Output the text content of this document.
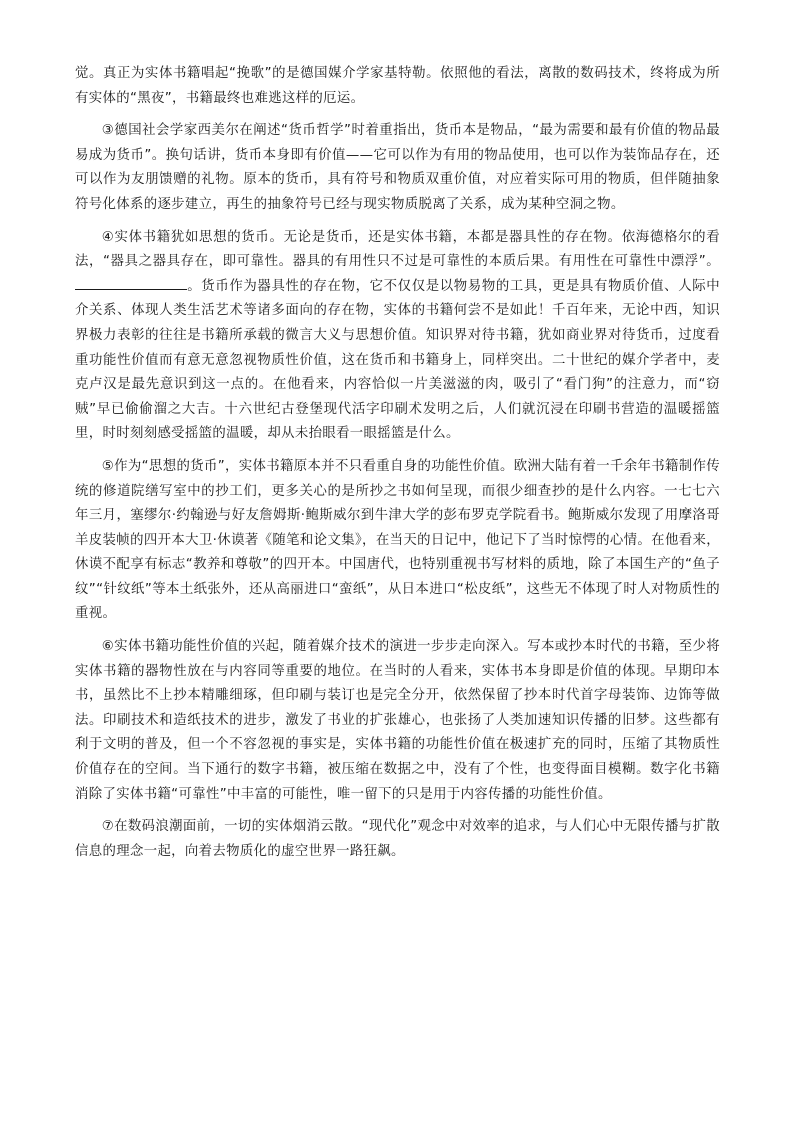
觉。真正为实体书籍唱起“挽歌”的是德国媒介学家基特勒。依照他的看法，离散的数码技术，终将成为所有实体的“黑夜”，书籍最终也难逃这样的厄运。

③德国社会学家西美尔在阐述“货币哲学”时着重指出，货币本是物品，“最为需要和最有价值的物品最易成为货币”。换句话讲，货币本身即有价值——它可以作为有用的物品使用，也可以作为装饰品存在，还可以作为友朋馈赠的礼物。原本的货币，具有符号和物质双重价值，对应着实际可用的物质，但伴随抽象符号化体系的逐步建立，再生的抽象符号已经与现实物质脱离了关系，成为某种空洞之物。

④实体书籍犹如思想的货币。无论是货币，还是实体书籍，本都是器具性的存在物。依海德格尔的看法，“器具之器具存在，即可靠性。器具的有用性只不过是可靠性的本质后果。有用性在可靠性中漂浮”。。货币作为器具性的存在物，它不仅仅是以物易物的工具，更是具有物质价值、人际中介关系、体现人类生活艺术等诸多面向的存在物，实体的书籍何尝不是如此！千百年来，无论中西，知识界极力表彰的往往是书籍所承载的微言大义与思想价值。知识界对待书籍，犹如商业界对待货币，过度看重功能性价值而有意无意忽视物质性价值，这在货币和书籍身上，同样突出。二十世纪的媒介学者中，麦克卢汉是最先意识到这一点的。在他看来，内容恰似一片美滋滋的肉，吸引了“看门狗”的注意力，而“窃贼”早已偷偷溜之大吉。十六世纪古登堡现代活字印刷术发明之后，人们就沉浸在印刷书营造的温暖摇篮里，时时刻刻感受摇篮的温暖，却从未抬眼看一眼摇篮是什么。

⑤作为“思想的货币”，实体书籍原本并不只看重自身的功能性价值。欧洲大陆有着一千余年书籍制作传统的修道院缮写室中的抄工们，更多关心的是所抄之书如何呈现，而很少细查抄的是什么内容。一七七六年三月，塞缪尔·约翰逊与好友詹姆斯·鲍斯威尔到牛津大学的彭布罗克学院看书。鲍斯威尔发现了用摩洛哥羊皮装帧的四开本大卫·休谟著《随笔和论文集》，在当天的日记中，他记下了当时惊愕的心情。在他看来，休谟不配享有标志“教养和尊敬”的四开本。中国唐代，也特别重视书写材料的质地，除了本国生产的“鱼子纹”“针纹纸”等本土纸张外，还从高丽进口“蛮纸”，从日本进口“松皮纸”，这些无不体现了时人对物质性的重视。

⑥实体书籍功能性价值的兴起，随着媒介技术的演进一步步走向深入。写本或抄本时代的书籍，至少将实体书籍的器物性放在与内容同等重要的地位。在当时的人看来，实体书本身即是价值的体现。早期印本书，虽然比不上抄本精雕细琢，但印刷与装订也是完全分开，依然保留了抄本时代首字母装饰、边饰等做法。印刷技术和造纸技术的进步，激发了书业的扩张雄心，也张扬了人类加速知识传播的旧梦。这些都有利于文明的普及，但一个不容忽视的事实是，实体书籍的功能性价值在极速扩充的同时，压缩了其物质性价值存在的空间。当下通行的数字书籍，被压缩在数据之中，没有了个性，也变得面目模糊。数字化书籍消除了实体书籍“可靠性”中丰富的可能性，唯一留下的只是用于内容传播的功能性价值。

⑦在数码浪潮面前，一切的实体烟消云散。“现代化”观念中对效率的追求，与人们心中无限传播与扩散信息的理念一起，向着去物质化的虚空世界一路狂飙。
